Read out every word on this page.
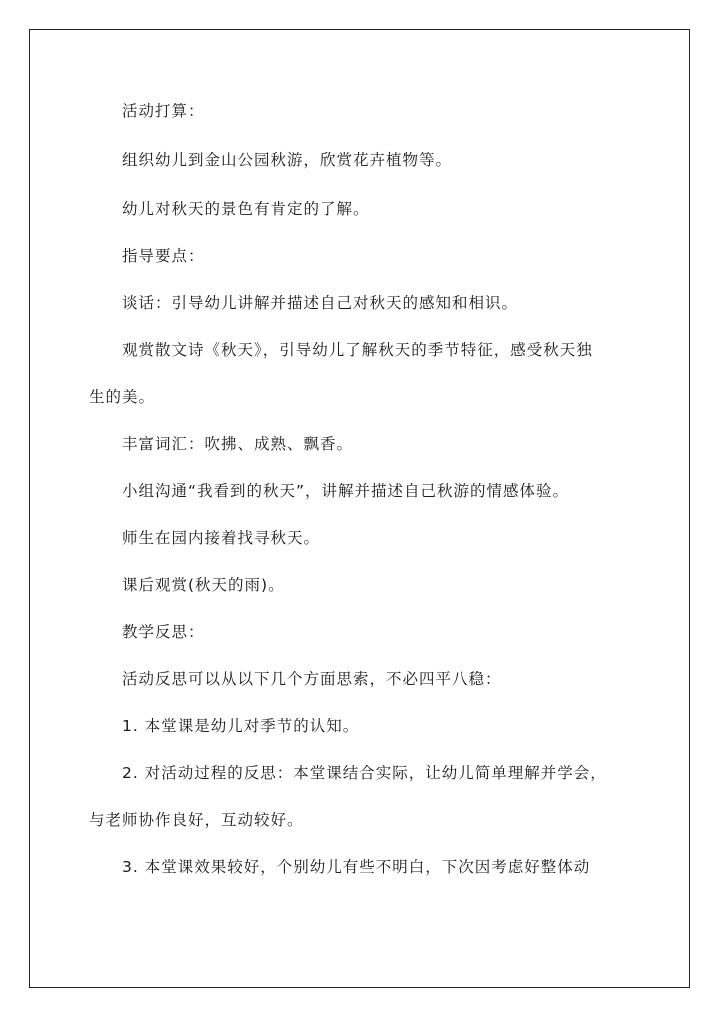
活动打算：

组织幼儿到金山公园秋游，欣赏花卉植物等。

幼儿对秋天的景色有肯定的了解。

指导要点：

谈话：引导幼儿讲解并描述自己对秋天的感知和相识。

观赏散文诗《秋天》，引导幼儿了解秋天的季节特征，感受秋天独

生的美。

丰富词汇：吹拂、成熟、飘香。

小组沟通“我看到的秋天”，讲解并描述自己秋游的情感体验。

师生在园内接着找寻秋天。

课后观赏(秋天的雨)。

教学反思：

活动反思可以从以下几个方面思索，不必四平八稳：

1. 本堂课是幼儿对季节的认知。

2. 对活动过程的反思：本堂课结合实际，让幼儿简单理解并学会，

与老师协作良好，互动较好。

3. 本堂课效果较好，个别幼儿有些不明白，下次因考虑好整体动
